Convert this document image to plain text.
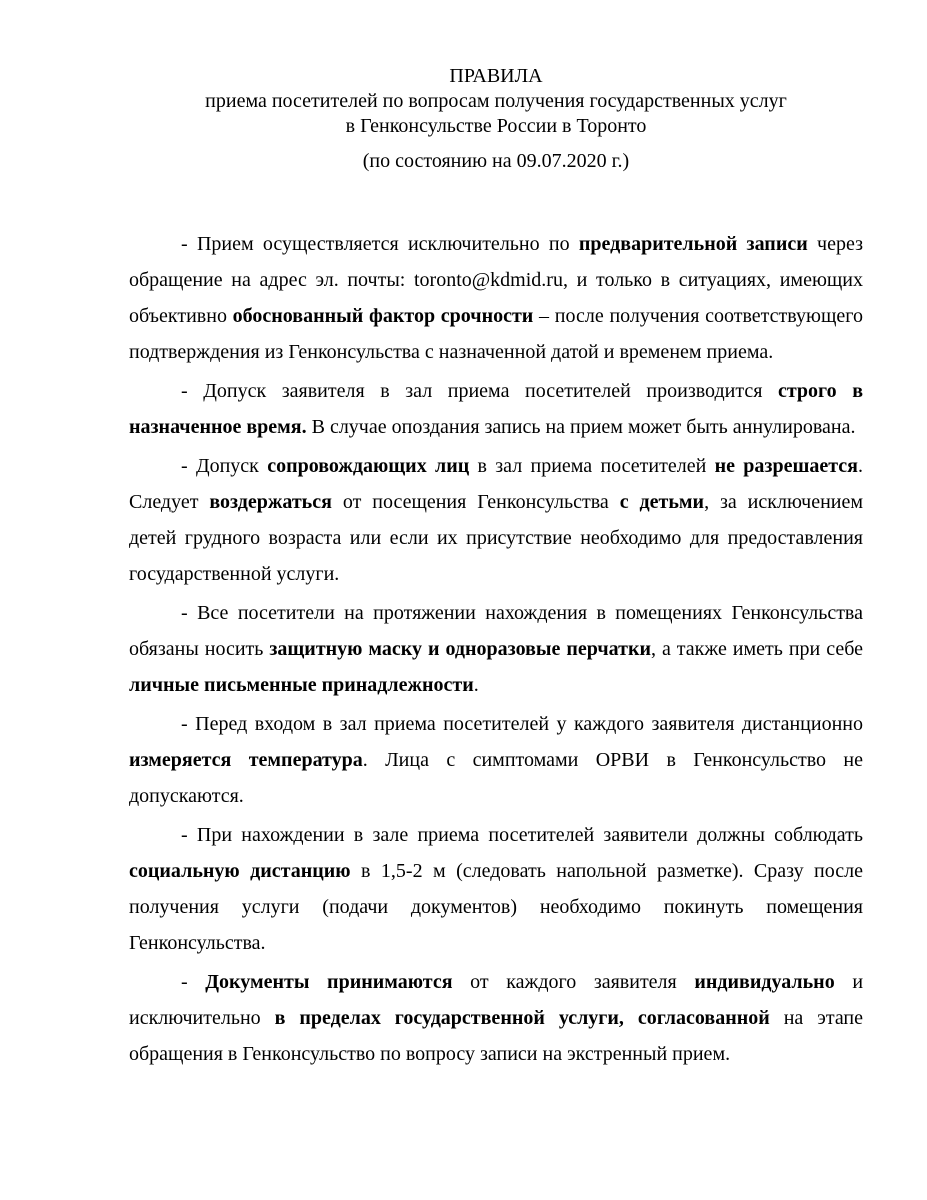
ПРАВИЛА
приема посетителей по вопросам получения государственных услуг
в Генконсульстве России в Торонто
(по состоянию на 09.07.2020 г.)

- Прием осуществляется исключительно по предварительной записи через обращение на адрес эл. почты: toronto@kdmid.ru, и только в ситуациях, имеющих объективно обоснованный фактор срочности – после получения соответствующего подтверждения из Генконсульства с назначенной датой и временем приема.

- Допуск заявителя в зал приема посетителей производится строго в назначенное время. В случае опоздания запись на прием может быть аннулирована.

- Допуск сопровождающих лиц в зал приема посетителей не разрешается. Следует воздержаться от посещения Генконсульства с детьми, за исключением детей грудного возраста или если их присутствие необходимо для предоставления государственной услуги.

- Все посетители на протяжении нахождения в помещениях Генконсульства обязаны носить защитную маску и одноразовые перчатки, а также иметь при себе личные письменные принадлежности.

- Перед входом в зал приема посетителей у каждого заявителя дистанционно измеряется температура. Лица с симптомами ОРВИ в Генконсульство не допускаются.

- При нахождении в зале приема посетителей заявители должны соблюдать социальную дистанцию в 1,5-2 м (следовать напольной разметке). Сразу после получения услуги (подачи документов) необходимо покинуть помещения Генконсульства.

- Документы принимаются от каждого заявителя индивидуально и исключительно в пределах государственной услуги, согласованной на этапе обращения в Генконсульство по вопросу записи на экстренный прием.
